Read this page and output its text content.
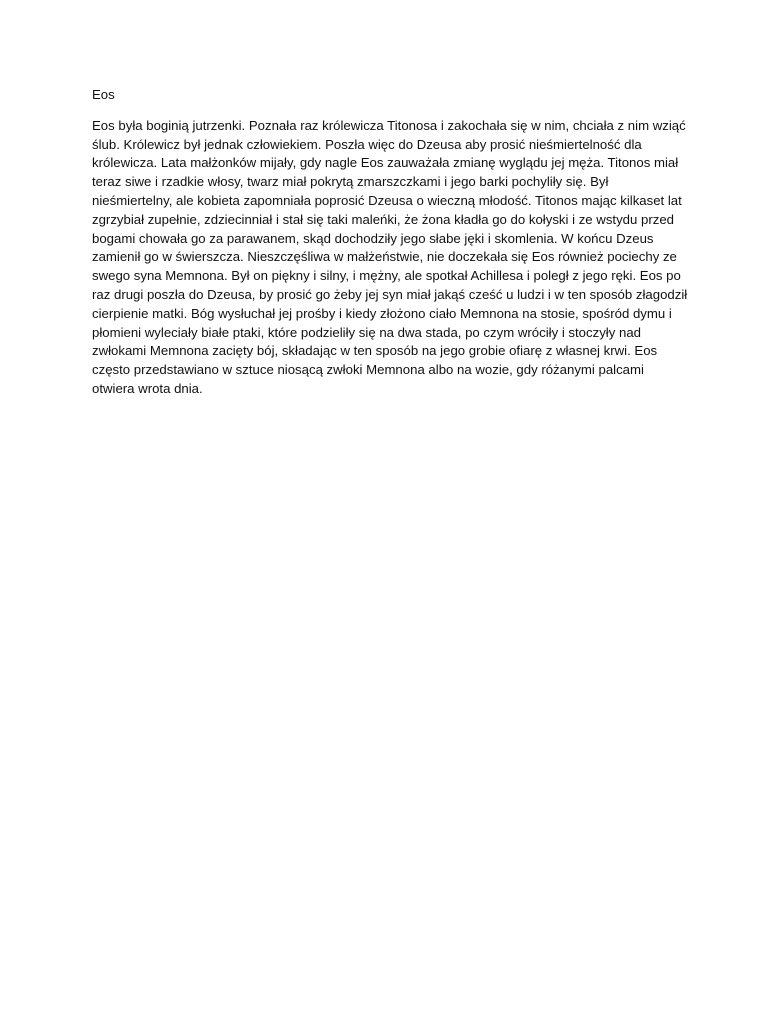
Eos
Eos była boginią jutrzenki. Poznała raz królewicza Titonosa i zakochała się w nim, chciała z nim wziąć
ślub. Królewicz był jednak człowiekiem. Poszła więc do Dzeusa aby prosić nieśmiertelność dla
królewicza. Lata małżonków mijały, gdy nagle Eos zauważała zmianę wyglądu jej męża. Titonos miał
teraz siwe i rzadkie włosy, twarz miał pokrytą zmarszczkami i jego barki pochyliły się. Był
nieśmiertelny, ale kobieta zapomniała poprosić Dzeusa o wieczną młodość. Titonos mając kilkaset lat
zgrzybiał zupełnie, zdziecinniał i stał się taki maleńki, że żona kładła go do kołyski i ze wstydu przed
bogami chowała go za parawanem, skąd dochodziły jego słabe jęki i skomlenia. W końcu Dzeus
zamienił go w świerszcza. Nieszczęśliwa w małżeństwie, nie doczekała się Eos również pociechy ze
swego syna Memnona. Był on piękny i silny, i mężny, ale spotkał Achillesa i poległ z jego ręki. Eos po
raz drugi poszła do Dzeusa, by prosić go żeby jej syn miał jakąś cześć u ludzi i w ten sposób złagodził
cierpienie matki. Bóg wysłuchał jej prośby i kiedy złożono ciało Memnona na stosie, spośród dymu i
płomieni wyleciały białe ptaki, które podzieliły się na dwa stada, po czym wróciły i stoczyły nad
zwłokami Memnona zacięty bój, składając w ten sposób na jego grobie ofiarę z własnej krwi. Eos
często przedstawiano w sztuce niosącą zwłoki Memnona albo na wozie, gdy różanymi palcami
otwiera wrota dnia.
